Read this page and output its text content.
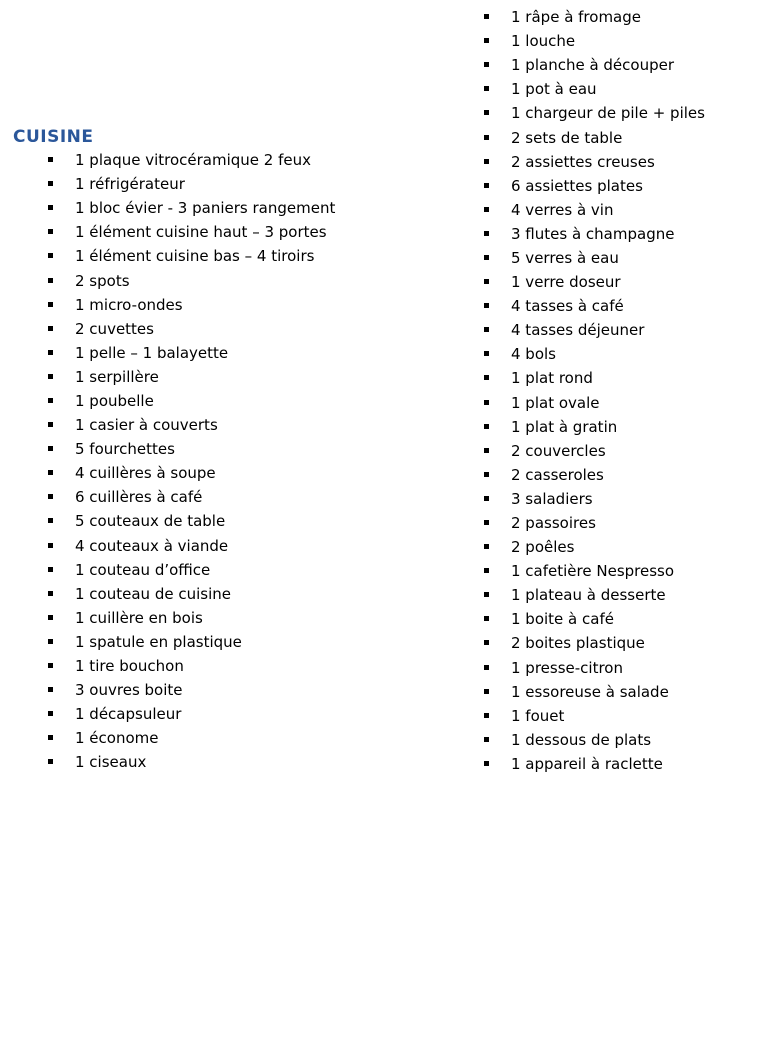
CUISINE
1 plaque vitrocéramique 2 feux
1 réfrigérateur
1 bloc évier - 3 paniers rangement
1 élément cuisine haut – 3 portes
1 élément cuisine bas – 4 tiroirs
2 spots
1 micro-ondes
2 cuvettes
1 pelle – 1 balayette
1 serpillère
1 poubelle
1 casier à couverts
5 fourchettes
4 cuillères à soupe
6 cuillères à café
5 couteaux de table
4 couteaux à viande
1 couteau d’office
1 couteau de cuisine
1 cuillère en bois
1 spatule en plastique
1 tire bouchon
3 ouvres boite
1 décapsuleur
1 économe
1 ciseaux
1 râpe à fromage
1 louche
1 planche à découper
1 pot à eau
1 chargeur de pile + piles
2 sets de table
2 assiettes creuses
6 assiettes plates
4 verres à vin
3 flutes à champagne
5 verres à eau
1 verre doseur
4 tasses à café
4 tasses déjeuner
4 bols
1 plat rond
1 plat ovale
1 plat à gratin
2 couvercles
2 casseroles
3 saladiers
2 passoires
2 poêles
1 cafetière Nespresso
1 plateau à desserte
1 boite à café
2 boites plastique
1 presse-citron
1 essoreuse à salade
1 fouet
1 dessous de plats
1 appareil à raclette
